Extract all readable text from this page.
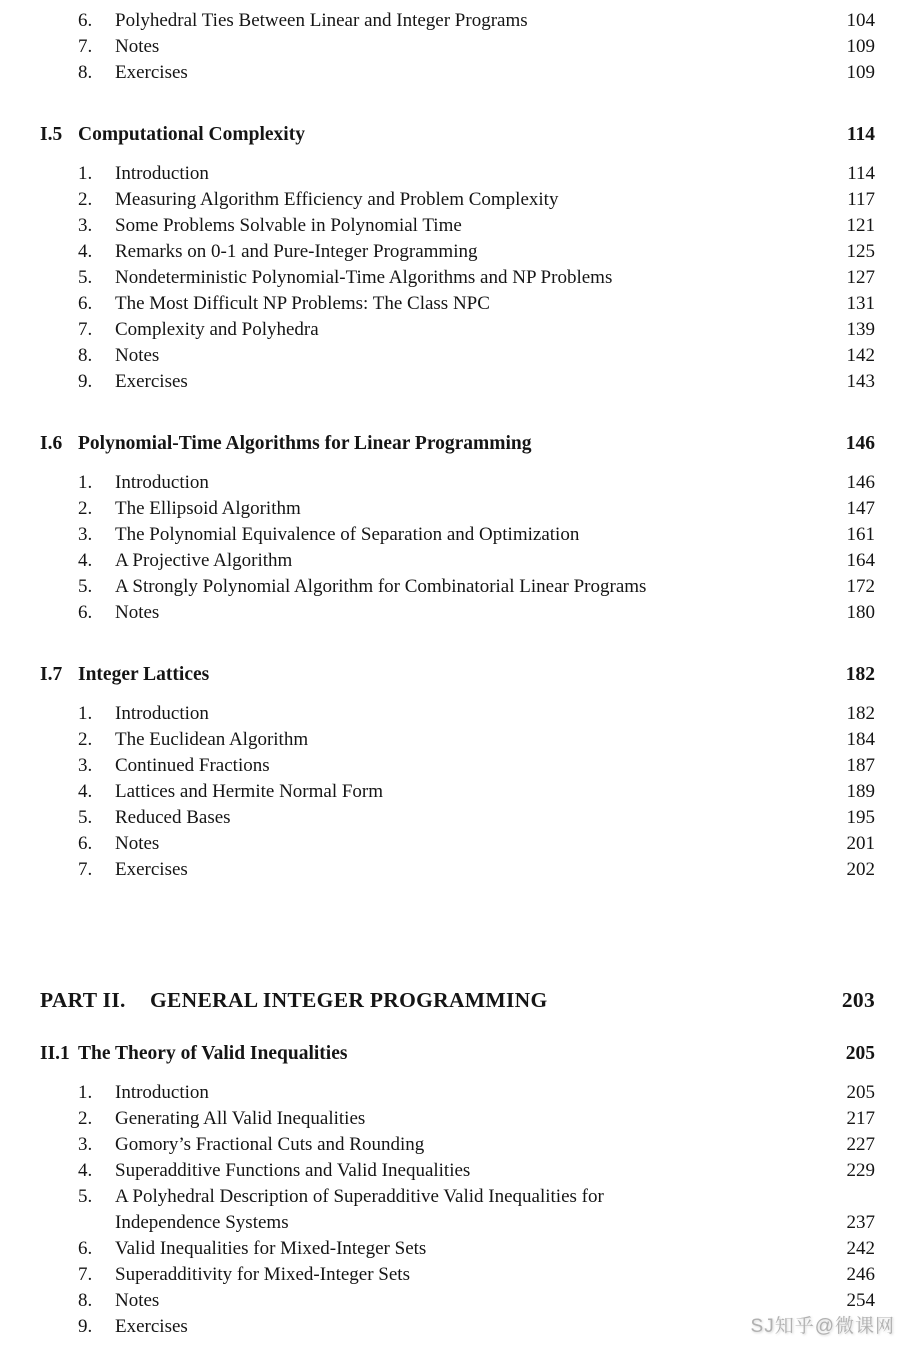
6.	Polyhedral Ties Between Linear and Integer Programs	104
7.	Notes	109
8.	Exercises	109
I.5 Computational Complexity	114
1.	Introduction	114
2.	Measuring Algorithm Efficiency and Problem Complexity	117
3.	Some Problems Solvable in Polynomial Time	121
4.	Remarks on 0-1 and Pure-Integer Programming	125
5.	Nondeterministic Polynomial-Time Algorithms and NP Problems	127
6.	The Most Difficult NP Problems: The Class NPC	131
7.	Complexity and Polyhedra	139
8.	Notes	142
9.	Exercises	143
I.6 Polynomial-Time Algorithms for Linear Programming	146
1.	Introduction	146
2.	The Ellipsoid Algorithm	147
3.	The Polynomial Equivalence of Separation and Optimization	161
4.	A Projective Algorithm	164
5.	A Strongly Polynomial Algorithm for Combinatorial Linear Programs	172
6.	Notes	180
I.7 Integer Lattices	182
1.	Introduction	182
2.	The Euclidean Algorithm	184
3.	Continued Fractions	187
4.	Lattices and Hermite Normal Form	189
5.	Reduced Bases	195
6.	Notes	201
7.	Exercises	202
PART II.	GENERAL INTEGER PROGRAMMING	203
II.1 The Theory of Valid Inequalities	205
1.	Introduction	205
2.	Generating All Valid Inequalities	217
3.	Gomory’s Fractional Cuts and Rounding	227
4.	Superadditive Functions and Valid Inequalities	229
5.	A Polyhedral Description of Superadditive Valid Inequalities for
Independence Systems	237
6.	Valid Inequalities for Mixed-Integer Sets	242
7.	Superadditivity for Mixed-Integer Sets	246
8.	Notes	254
9.	Exercises	SJ知乎@微课网
